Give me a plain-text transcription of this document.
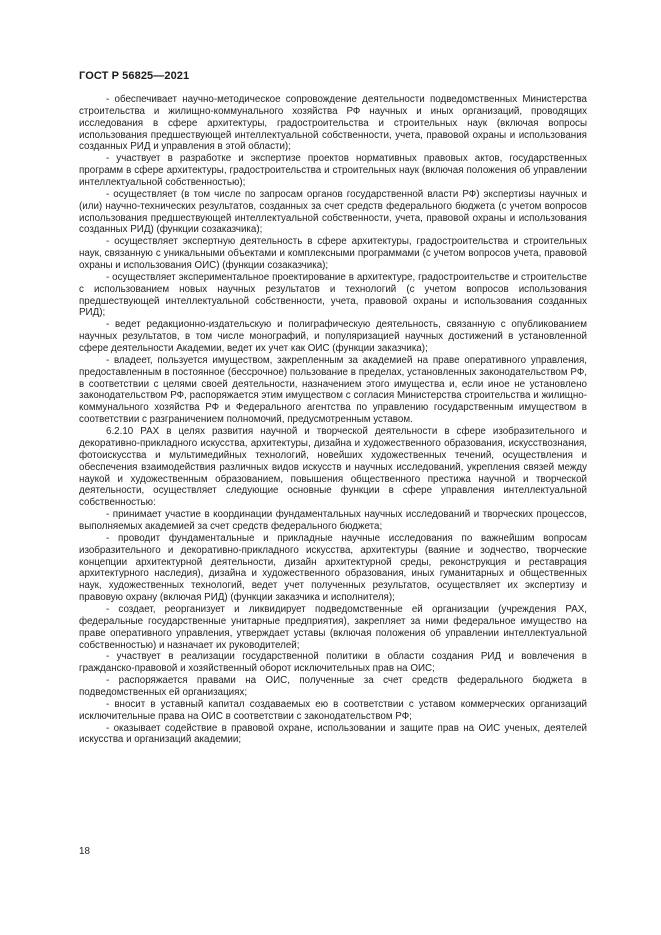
ГОСТ Р 56825—2021

- обеспечивает научно-методическое сопровождение деятельности подведомственных Министерства строительства и жилищно-коммунального хозяйства РФ научных и иных организаций, проводящих исследования в сфере архитектуры, градостроительства и строительных наук (включая вопросы использования предшествующей интеллектуальной собственности, учета, правовой охраны и использования созданных РИД и управления в этой области);

- участвует в разработке и экспертизе проектов нормативных правовых актов, государственных программ в сфере архитектуры, градостроительства и строительных наук (включая положения об управлении интеллектуальной собственностью);

- осуществляет (в том числе по запросам органов государственной власти РФ) экспертизы научных и (или) научно-технических результатов, созданных за счет средств федерального бюджета (с учетом вопросов использования предшествующей интеллектуальной собственности, учета, правовой охраны и использования созданных РИД) (функции созаказчика);

- осуществляет экспертную деятельность в сфере архитектуры, градостроительства и строительных наук, связанную с уникальными объектами и комплексными программами (с учетом вопросов учета, правовой охраны и использования ОИС) (функции созаказчика);

- осуществляет экспериментальное проектирование в архитектуре, градостроительстве и строительстве с использованием новых научных результатов и технологий (с учетом вопросов использования предшествующей интеллектуальной собственности, учета, правовой охраны и использования созданных РИД);

- ведет редакционно-издательскую и полиграфическую деятельность, связанную с опубликованием научных результатов, в том числе монографий, и популяризацией научных достижений в установленной сфере деятельности Академии, ведет их учет как ОИС (функции заказчика);

- владеет, пользуется имуществом, закрепленным за академией на праве оперативного управления, предоставленным в постоянное (бессрочное) пользование в пределах, установленных законодательством РФ, в соответствии с целями своей деятельности, назначением этого имущества и, если иное не установлено законодательством РФ, распоряжается этим имуществом с согласия Министерства строительства и жилищно-коммунального хозяйства РФ и Федерального агентства по управлению государственным имуществом в соответствии с разграничением полномочий, предусмотренным уставом.

6.2.10 РАХ в целях развития научной и творческой деятельности в сфере изобразительного и декоративно-прикладного искусства, архитектуры, дизайна и художественного образования, искусствознания, фотоискусства и мультимедийных технологий, новейших художественных течений, осуществления и обеспечения взаимодействия различных видов искусств и научных исследований, укрепления связей между наукой и художественным образованием, повышения общественного престижа научной и творческой деятельности, осуществляет следующие основные функции в сфере управления интеллектуальной собственностью:

- принимает участие в координации фундаментальных научных исследований и творческих процессов, выполняемых академией за счет средств федерального бюджета;

- проводит фундаментальные и прикладные научные исследования по важнейшим вопросам изобразительного и декоративно-прикладного искусства, архитектуры (ваяние и зодчество, творческие концепции архитектурной деятельности, дизайн архитектурной среды, реконструкция и реставрация архитектурного наследия), дизайна и художественного образования, иных гуманитарных и общественных наук, художественных технологий, ведет учет полученных результатов, осуществляет их экспертизу и правовую охрану (включая РИД) (функции заказчика и исполнителя);

- создает, реорганизует и ликвидирует подведомственные ей организации (учреждения РАХ, федеральные государственные унитарные предприятия), закрепляет за ними федеральное имущество на праве оперативного управления, утверждает уставы (включая положения об управлении интеллектуальной собственностью) и назначает их руководителей;

- участвует в реализации государственной политики в области создания РИД и вовлечения в гражданско-правовой и хозяйственный оборот исключительных прав на ОИС;

- распоряжается правами на ОИС, полученные за счет средств федерального бюджета в подведомственных ей организациях;

- вносит в уставный капитал создаваемых ею в соответствии с уставом коммерческих организаций исключительные права на ОИС в соответствии с законодательством РФ;

- оказывает содействие в правовой охране, использовании и защите прав на ОИС ученых, деятелей искусства и организаций академии;

18
